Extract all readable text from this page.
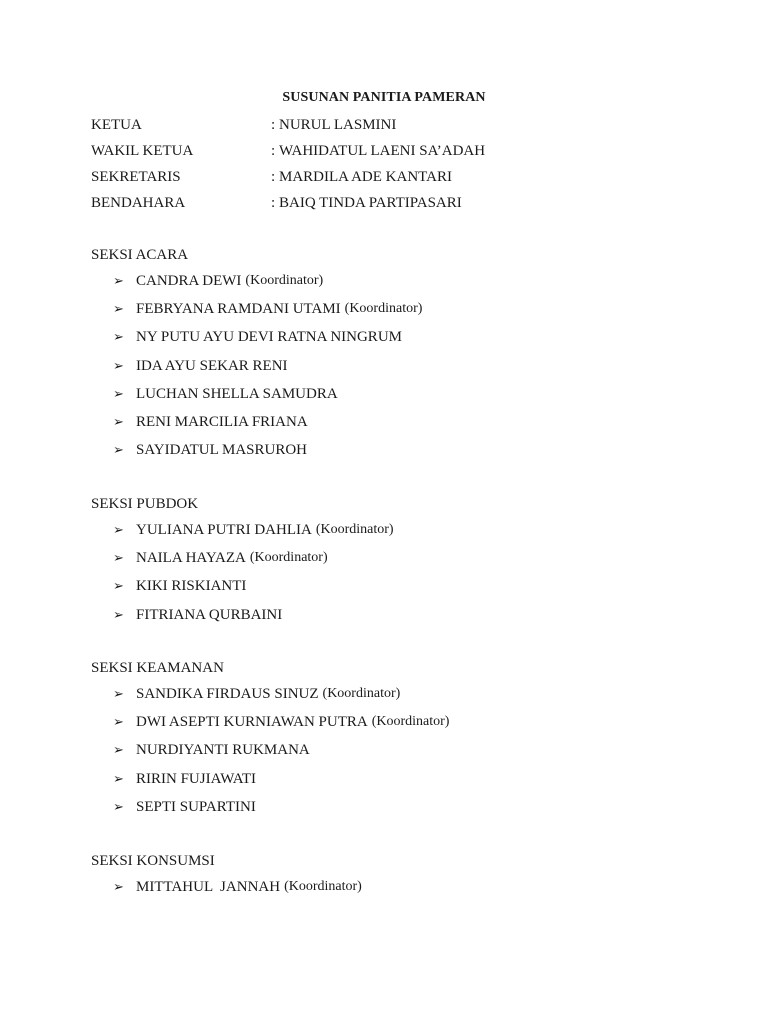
SUSUNAN PANITIA PAMERAN
KETUA	: NURUL LASMINI
WAKIL KETUA	: WAHIDATUL LAENI SA’ADAH
SEKRETARIS	: MARDILA ADE KANTARI
BENDAHARA	: BAIQ TINDA PARTIPASARI
SEKSI ACARA
➢ CANDRA DEWI (Koordinator)
➢ FEBRYANA RAMDANI UTAMI (Koordinator)
➢ NY PUTU AYU DEVI RATNA NINGRUM
➢ IDA AYU SEKAR RENI
➢ LUCHAN SHELLA SAMUDRA
➢ RENI MARCILIA FRIANA
➢ SAYIDATUL MASRUROH
SEKSI PUBDOK
➢ YULIANA PUTRI DAHLIA (Koordinator)
➢ NAILA HAYAZA (Koordinator)
➢ KIKI RISKIANTI
➢ FITRIANA QURBAINI
SEKSI KEAMANAN
➢ SANDIKA FIRDAUS SINUZ (Koordinator)
➢ DWI ASEPTI KURNIAWAN PUTRA (Koordinator)
➢ NURDIYANTI RUKMANA
➢ RIRIN FUJIAWATI
➢ SEPTI SUPARTINI
SEKSI KONSUMSI
➢ MITTAHUL  JANNAH (Koordinator)
